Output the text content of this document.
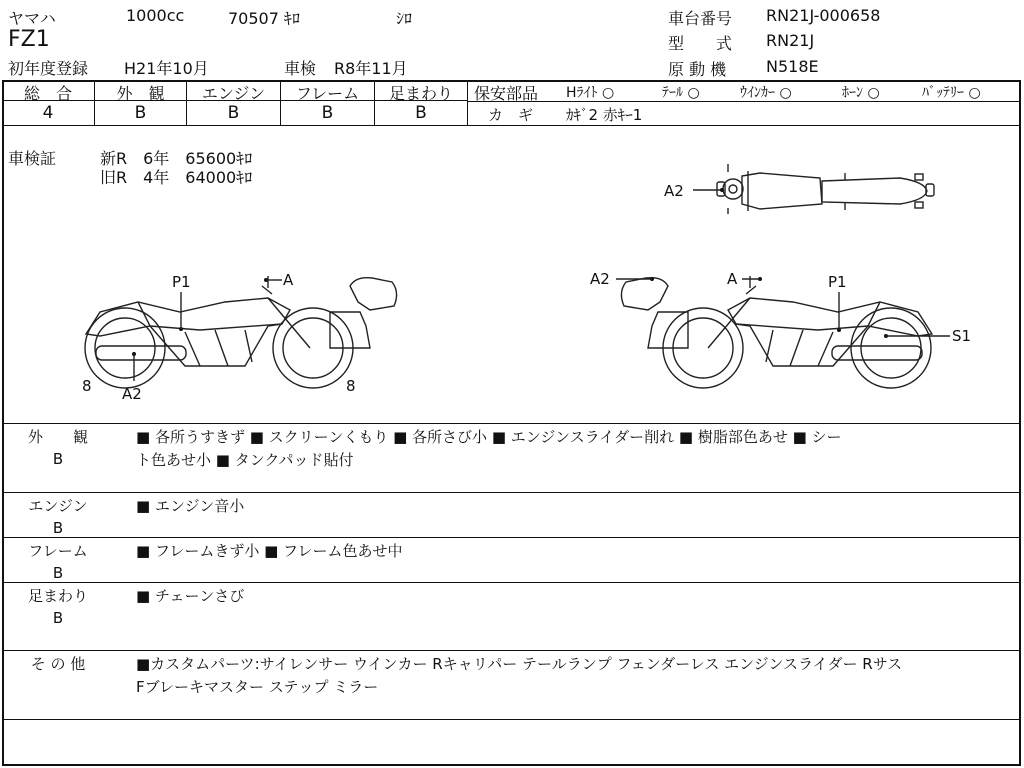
ヤマハ	1000cc	70507 ｷﾛ	ｼﾛ
FZ1
初年度登録 H21年10月	車検 R8年11月
車台番号 RN21J-000658
型　　式 RN21J
原 動 機 N518E
総　合	外　観	エンジン	フレーム	足まわり
4	B	B	B	B
保安部品 Hﾗｲﾄ ○	ﾃｰﾙ ○	ｳｲﾝｶｰ ○	ﾎｰﾝ ○	ﾊﾞｯﾃﾘｰ ○
カ　ギ ｶｷﾞ2 赤ｷｰ1
車検証	新R　6年　65600ｷﾛ
旧R　4年　64000ｷﾛ
A2
P1	A
8 A2	8
A2	A	P1
S1
外　　観
B
■ 各所うすきず ■ スクリーンくもり ■ 各所さび小 ■ エンジンスライダー削れ ■ 樹脂部色あせ ■ シー
ト色あせ小 ■ タンクパッド貼付
エンジン
B
■ エンジン音小
フレーム
B
■ フレームきず小 ■ フレーム色あせ中
足まわり
B
■ チェーンさび
そ の 他	■カスタムパーツ:サイレンサー ウインカー Rキャリパー テールランプ フェンダーレス エンジンスライダー Rサス
Fブレーキマスター ステップ ミラー
